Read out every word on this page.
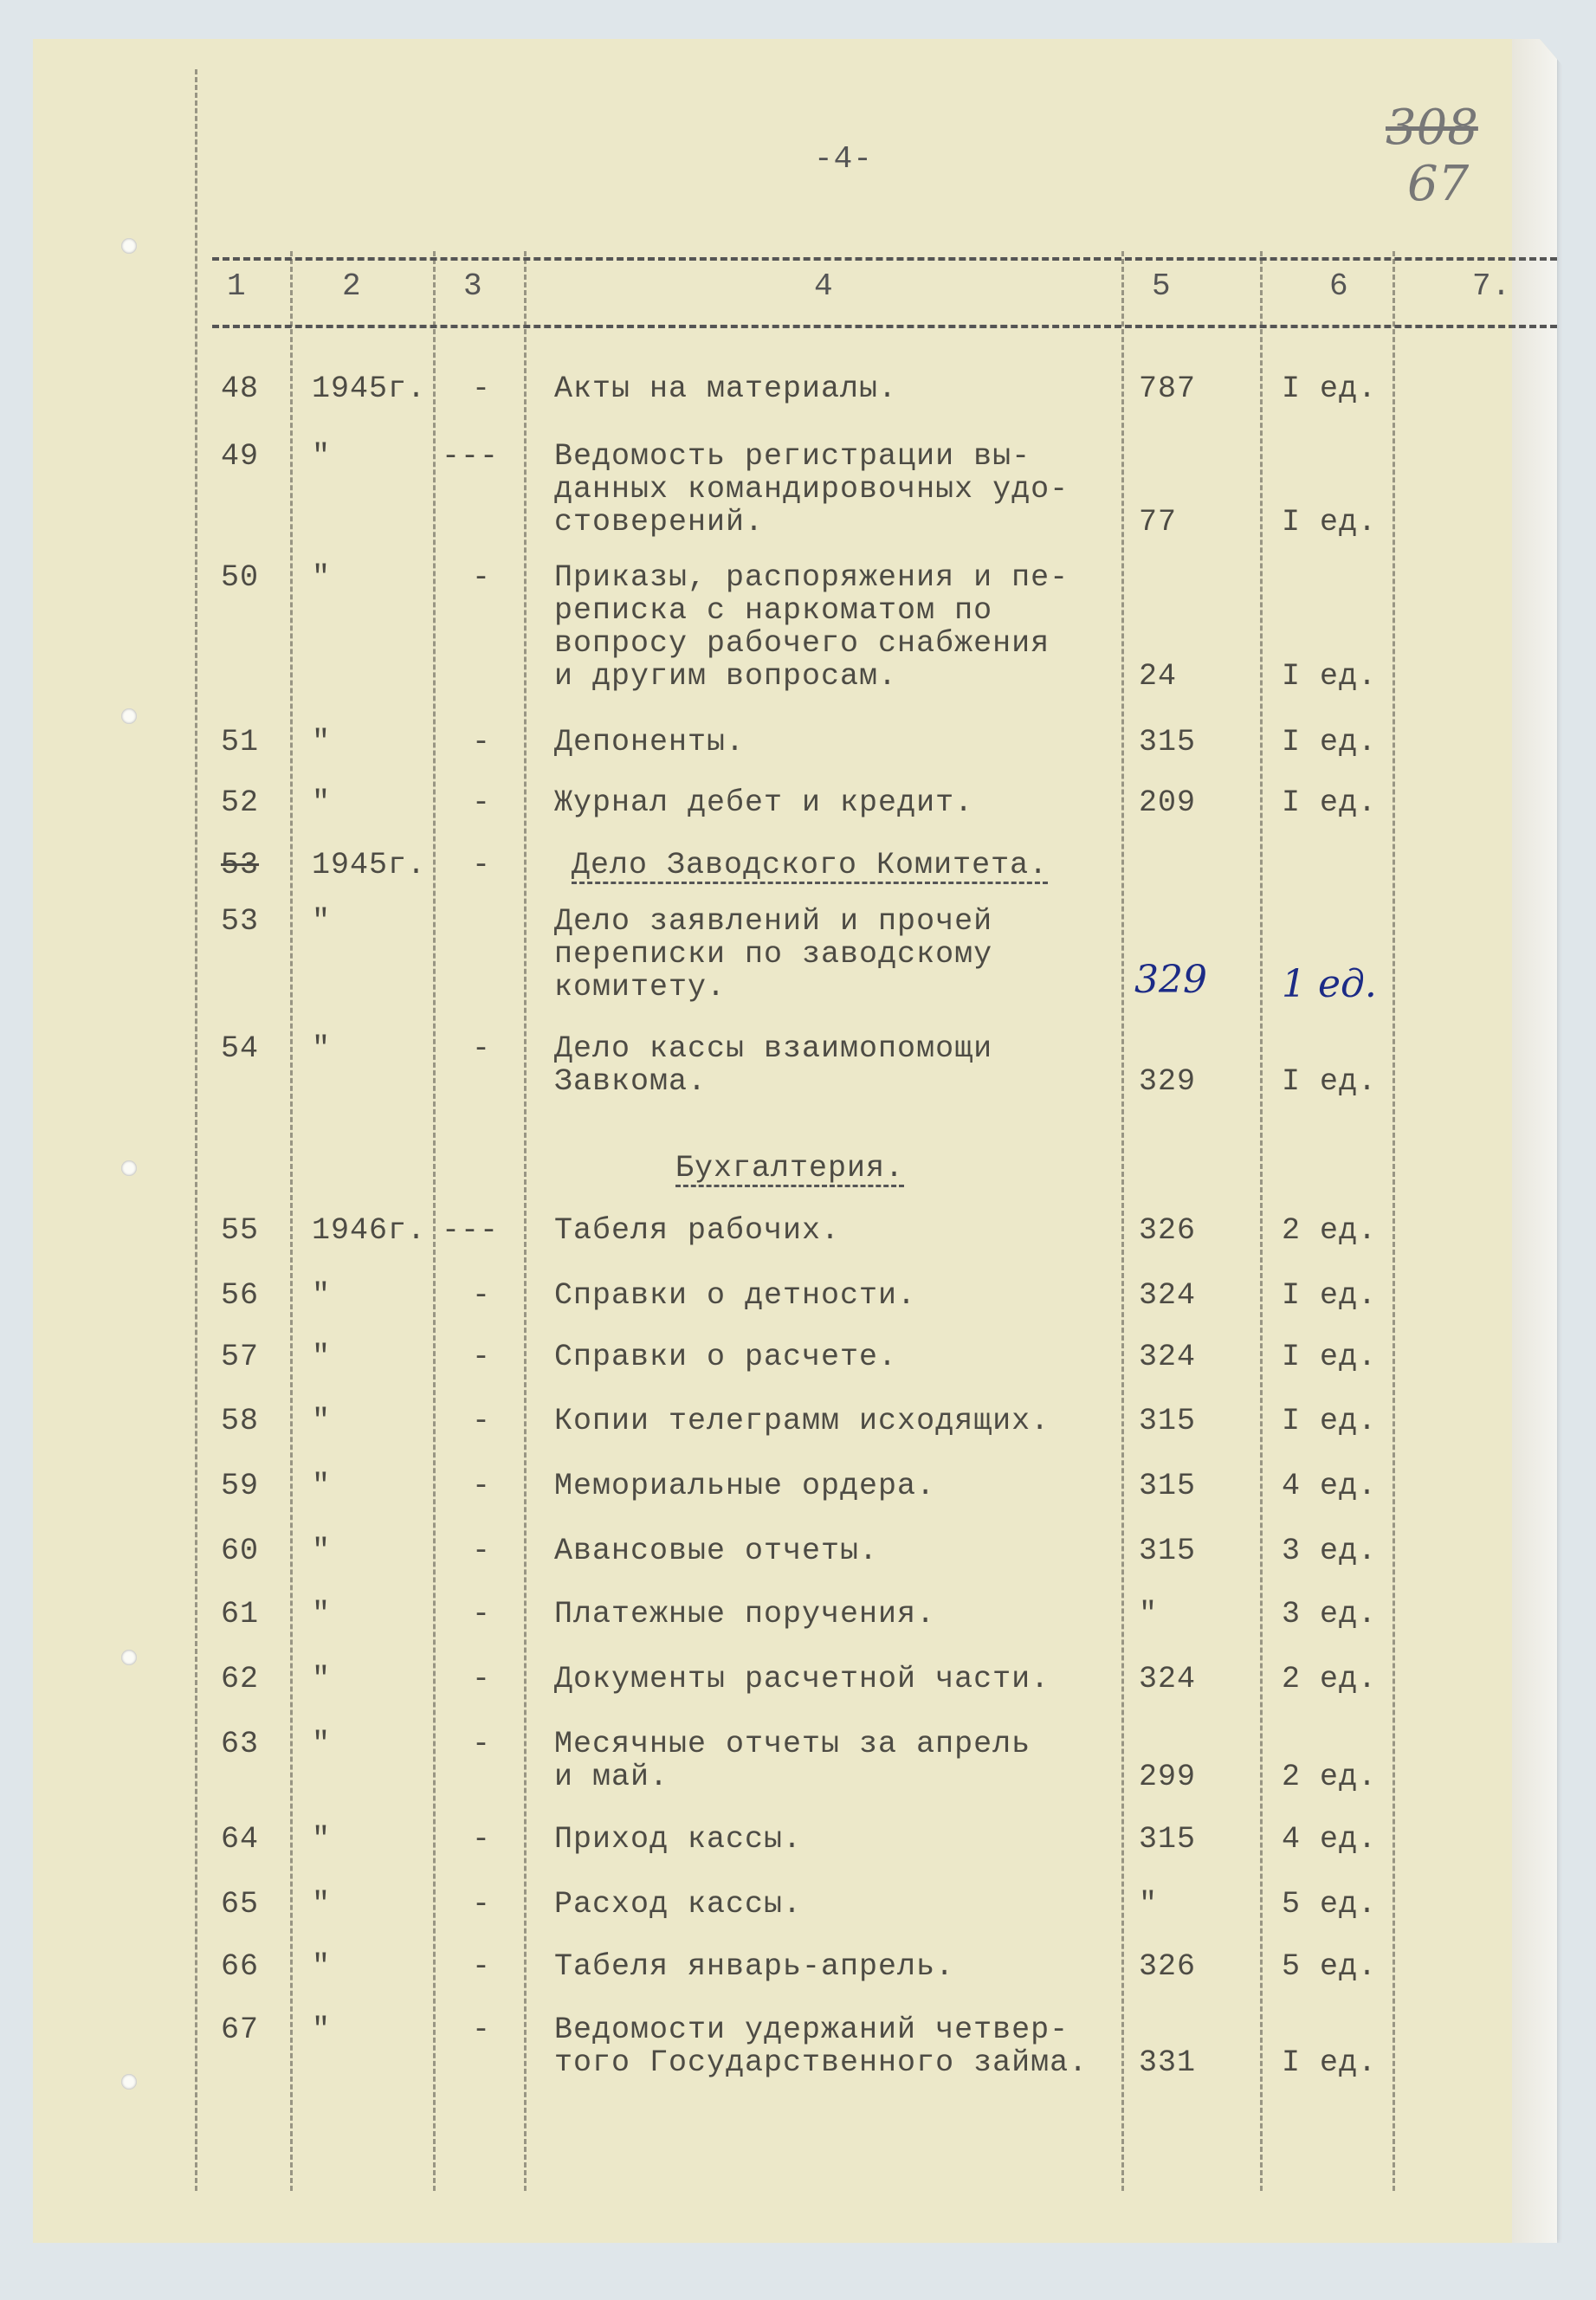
-4-
308
67
1	2	3	4	5	6	7.
48 1945г. - Акты на материалы.	787	I ед.
49 "	--- Ведомость регистрации вы-
данных командировочных удо-
стоверений.	77	I ед.
50 "	- Приказы, распоряжения и пе-
реписка с наркоматом по
вопросу рабочего снабжения
и другим вопросам.	24	I ед.
51 "	- Депоненты.	315	I ед.
52 "	- Журнал дебет и кредит.	209	I ед.
53 1945г. -	Дело Заводского Комитета.
53 "	Дело заявлений и прочей
переписки по заводскому
комитету.	329 1 ед.
54 "	- Дело кассы взаимопомощи
Завкома.	329	I ед.
Бухгалтерия.
55 1946г. --- Табеля рабочих.	326	2 ед.
56 "	- Справки о детности.	324	I ед.
57 "	- Справки о расчете.	324	I ед.
58 "	- Копии телеграмм исходящих.	315	I ед.
59 "	- Мемориальные ордера.	315	4 ед.
60 "	- Авансовые отчеты.	315	3 ед.
61 "	- Платежные поручения.	"	3 ед.
62 "	- Документы расчетной части.	324	2 ед.
63 "	- Месячные отчеты за апрель
и май.	299	2 ед.
64 "	- Приход кассы.	315	4 ед.
65 "	- Расход кассы.	"	5 ед.
66 "	- Табеля январь-апрель.	326	5 ед.
67 "	- Ведомости удержаний четвер-
того Государственного займа. 331	I ед.
